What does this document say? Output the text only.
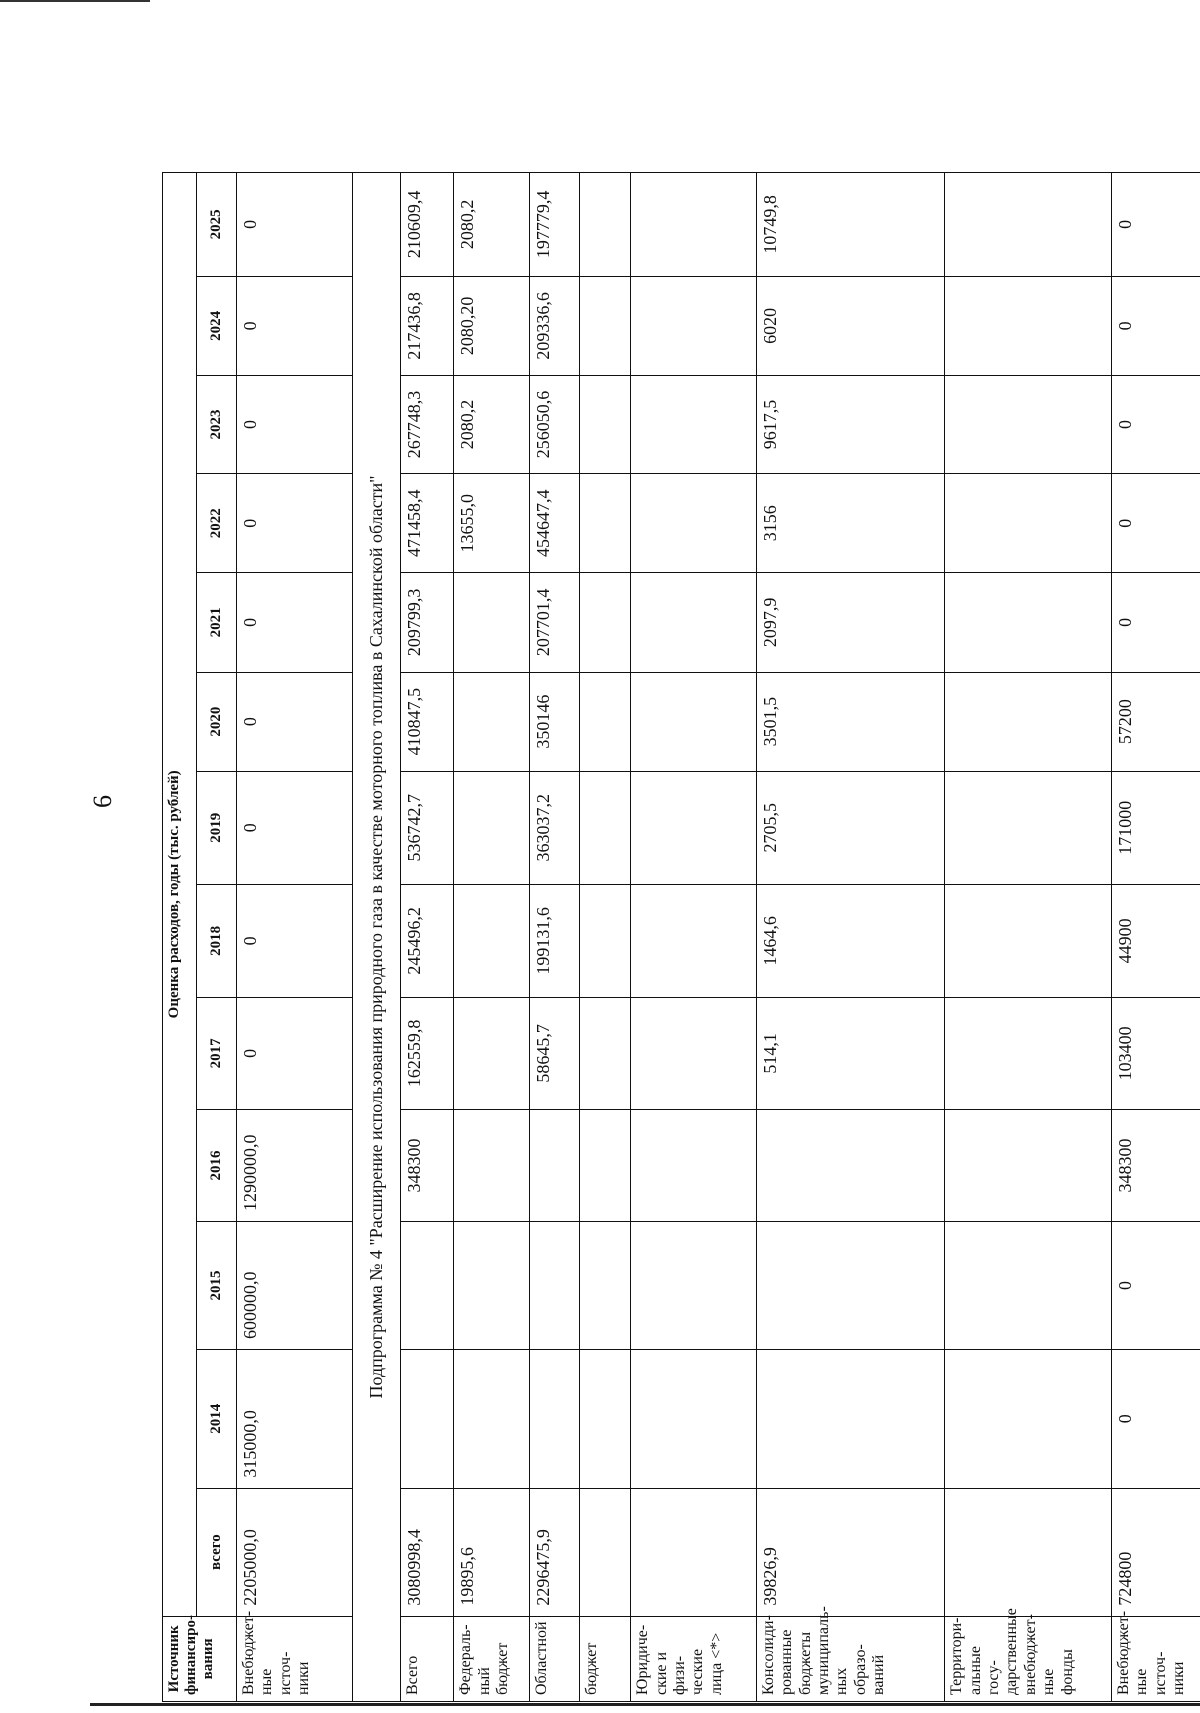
6
Источник финансиро-вания	Оценка расходов, годы (тыс. рублей)												
	всего	2014	2015	2016	2017	2018	2019	2020	2021	2022	2023	2024	2025
Внебюджет-ные источ-ники	2205000,0	315000,0	600000,0	1290000,0	0	0	0	0	0	0	0	0	0
Подпрограмма № 4 "Расширение использования природного газа в качестве моторного топлива в Сахалинской области"													
Всего	3080998,4			348300	162559,8	245496,2	536742,7	410847,5	209799,3	471458,4	267748,3	217436,8	210609,4
Федераль-ный бюджет	19895,6									13655,0	2080,2	2080,20	2080,2
Областной	2296475,9				58645,7	199131,6	363037,2	350146	207701,4	454647,4	256050,6	209336,6	197779,4
бюджет													
Юридиче-ские и физи-ческие лица <*>													
Консолиди-рованные бюджеты муниципаль-ных образо-ваний	39826,9				514,1	1464,6	2705,5	3501,5	2097,9	3156	9617,5	6020	10749,8
Территори-альные госу-дарственные внебюджет-ные фонды													
Внебюджет-ные источ-ники	724800	0	0	348300	103400	44900	171000	57200	0	0	0	0	0
